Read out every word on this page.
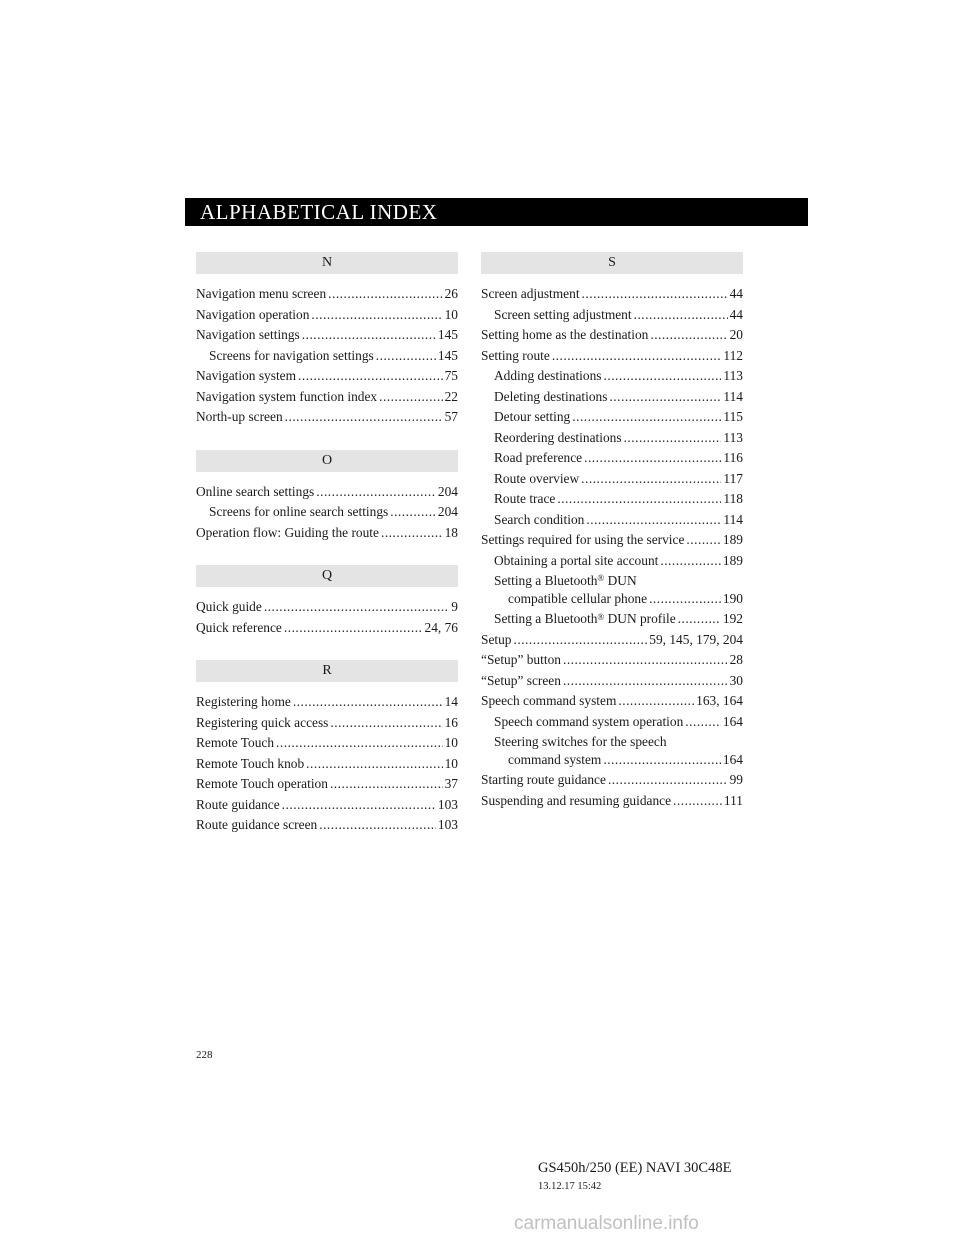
ALPHABETICAL INDEX
N
Navigation menu screen .....	26
Navigation operation .....	10
Navigation settings .....	145
Screens for navigation settings .....	145
Navigation system .....	75
Navigation system function index .....	22
North-up screen .....	57
O
Online search settings .....	204
Screens for online search settings .....	204
Operation flow: Guiding the route .....	18
Q
Quick guide .....	9
Quick reference .....	24, 76
R
Registering home .....	14
Registering quick access .....	16
Remote Touch .....	10
Remote Touch knob .....	10
Remote Touch operation .....	37
Route guidance .....	103
Route guidance screen .....	103
S
Screen adjustment .....	44
Screen setting adjustment .....	44
Setting home as the destination .....	20
Setting route .....	112
Adding destinations .....	113
Deleting destinations .....	114
Detour setting .....	115
Reordering destinations .....	113
Road preference .....	116
Route overview .....	117
Route trace .....	118
Search condition .....	114
Settings required for using the service .....	189
Obtaining a portal site account .....	189
Setting a Bluetooth® DUN
compatible cellular phone .....	190
Setting a Bluetooth® DUN profile .....	192
Setup .....	59, 145, 179, 204
“Setup” button .....	28
“Setup” screen .....	30
Speech command system .....	163, 164
Speech command system operation .....	164
Steering switches for the speech
command system .....	164
Starting route guidance .....	99
Suspending and resuming guidance .....	111
228
GS450h/250 (EE) NAVI 30C48E
13.12.17 15:42
carmanualsonline.info
